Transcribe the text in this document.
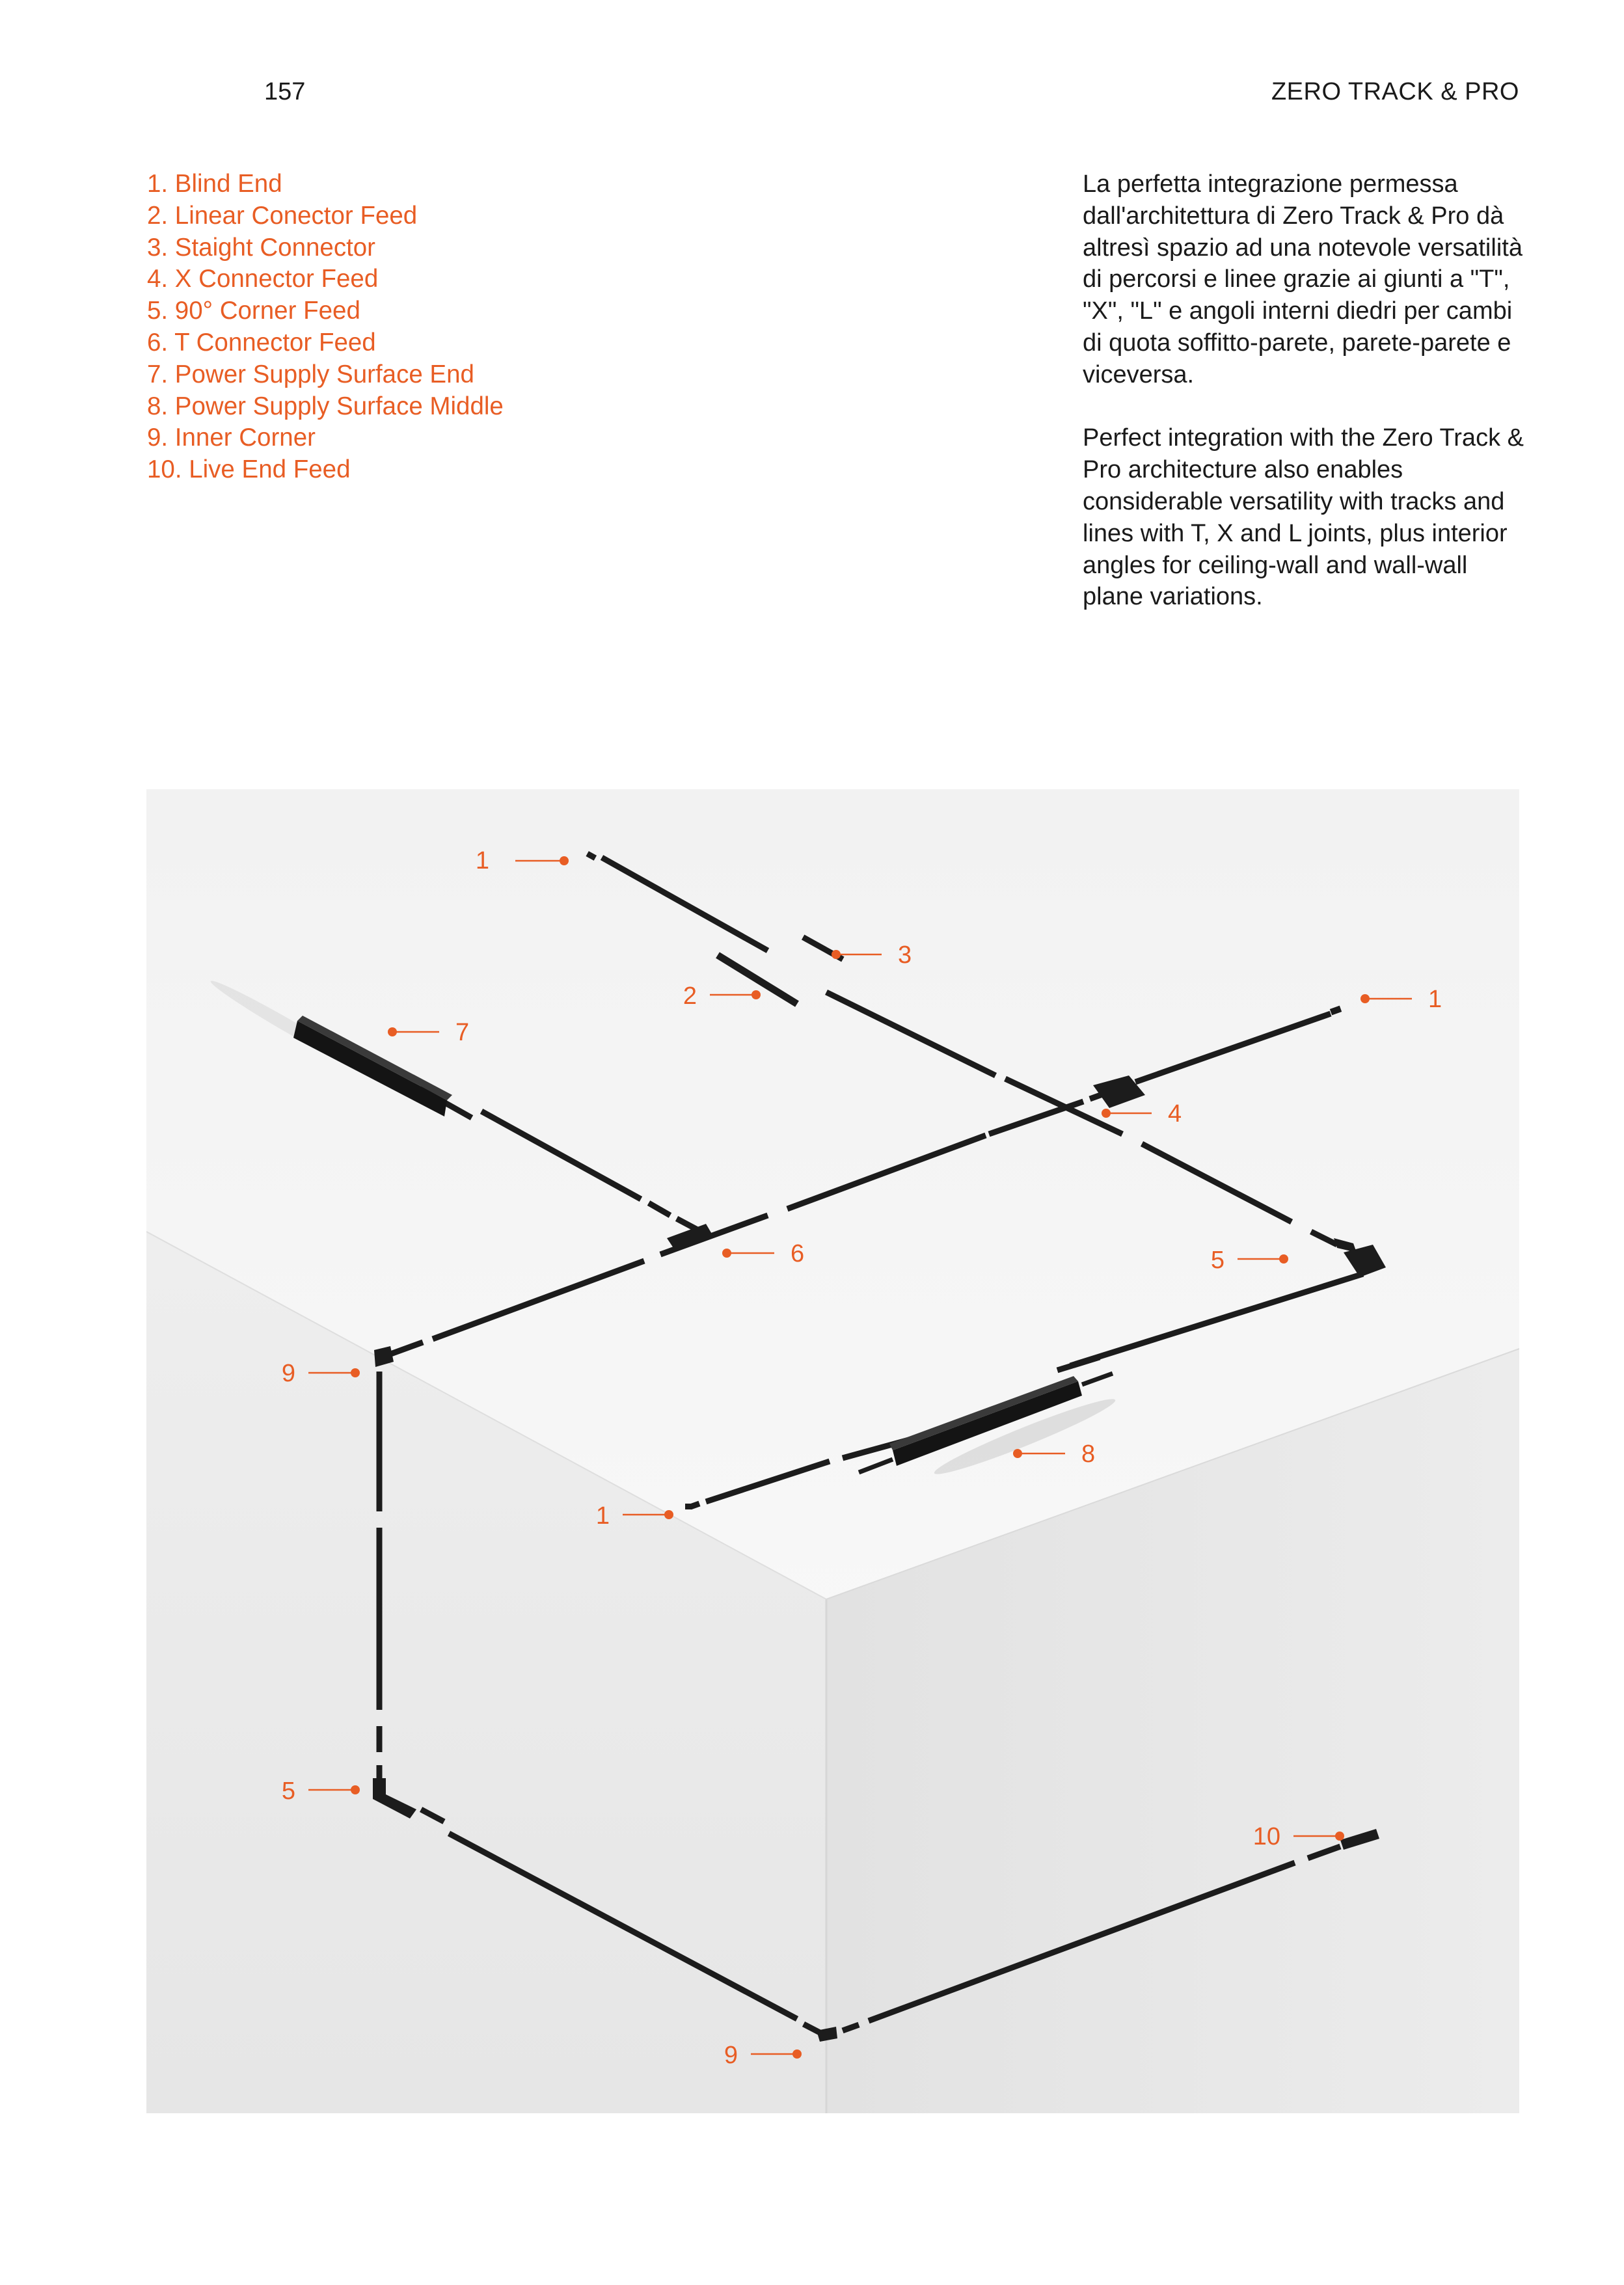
157	ZERO TRACK & PRO
1. Blind End
2. Linear Conector Feed
3. Staight Connector
4. X Connector Feed
5. 90° Corner Feed
6. T Connector Feed
7. Power Supply Surface End
8. Power Supply Surface Middle
9. Inner Corner
10. Live End Feed

La perfetta integrazione permessa dall'architettura di Zero Track & Pro dà altresì spazio ad una notevole versatilità di percorsi e linee grazie ai giunti a "T", "X", "L" e angoli interni diedri per cambi di quota soffitto-parete, parete-parete e viceversa.

Perfect integration with the Zero Track & Pro architecture also enables considerable versatility with tracks and lines with T, X and L joints, plus interior angles for ceiling-wall and wall-wall plane variations.

1
2
3
1
7
4
6	5
9
8
1
5
10
9
